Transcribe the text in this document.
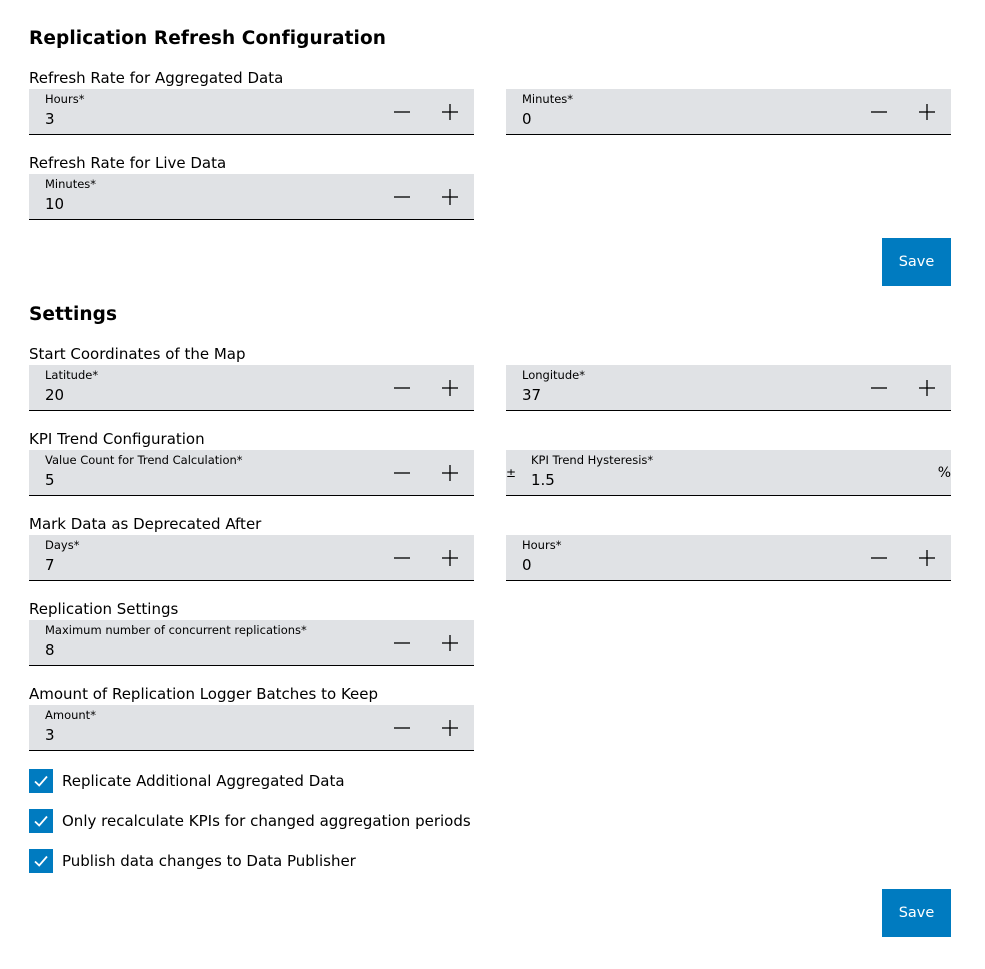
Replication Refresh Configuration
Refresh Rate for Aggregated Data
Hours*
3
Minutes*
0
Refresh Rate for Live Data
Minutes*
10
Save
Settings
Start Coordinates of the Map
Latitude*
20
Longitude*
37
KPI Trend Configuration
Value Count for Trend Calculation*
5	±
KPI Trend Hysteresis*
1.5	%
Mark Data as Deprecated After
Days*
7
Hours*
0
Replication Settings
Maximum number of concurrent replications*
8
Amount of Replication Logger Batches to Keep
Amount*
3
Replicate Additional Aggregated Data
Only recalculate KPIs for changed aggregation periods
Publish data changes to Data Publisher
Save
